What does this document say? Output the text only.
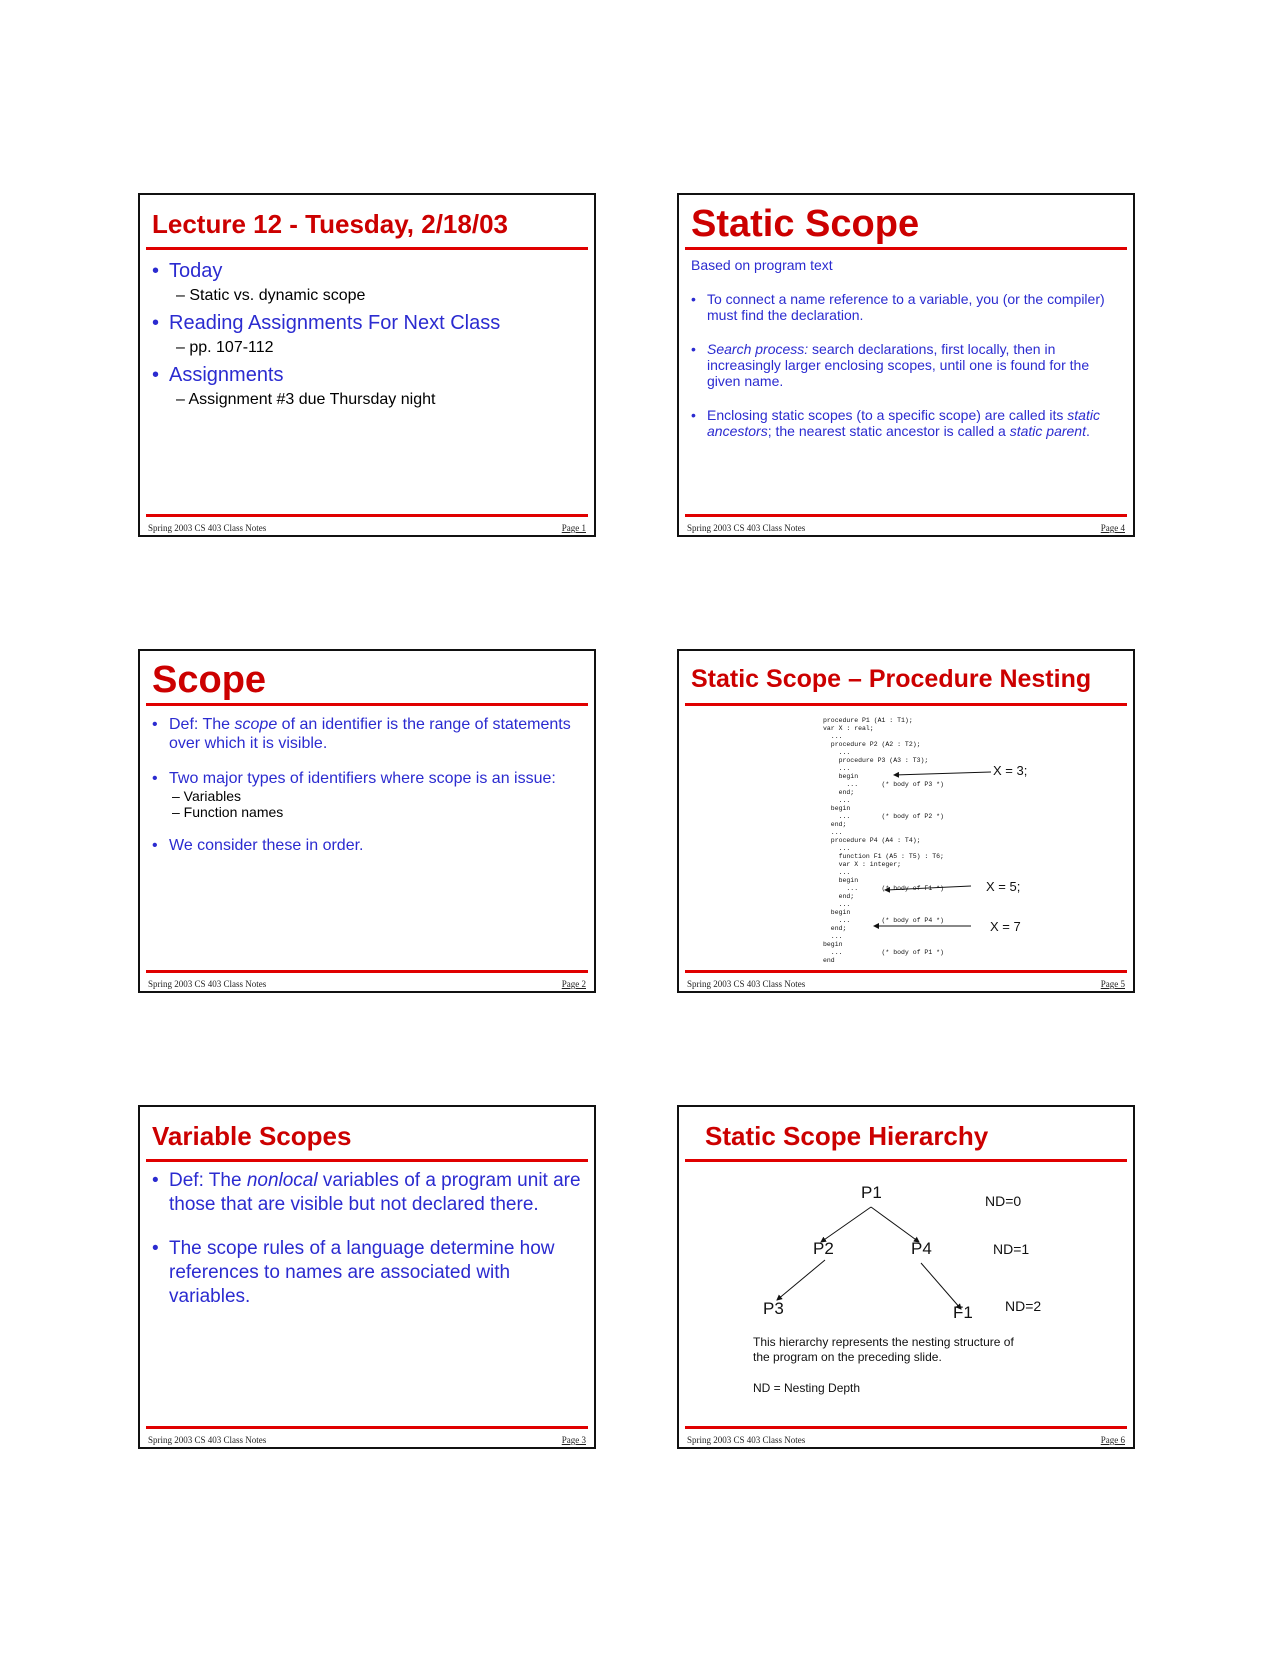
Lecture 12 - Tuesday, 2/18/03
• Today
– Static vs. dynamic scope
• Reading Assignments For Next Class
– pp. 107-112
• Assignments
– Assignment #3 due Thursday night
Spring 2003 CS 403 Class Notes	Page 1
Static Scope
Based on program text
• To connect a name reference to a variable, you (or the compiler) must find the declaration.
• Search process: search declarations, first locally, then in increasingly larger enclosing scopes, until one is found for the given name.
• Enclosing static scopes (to a specific scope) are called its static ancestors; the nearest static ancestor is called a static parent.
Spring 2003 CS 403 Class Notes	Page 4
Scope
• Def: The scope of an identifier is the range of statements over which it is visible.
• Two major types of identifiers where scope is an issue:
– Variables
– Function names
• We consider these in order.
Spring 2003 CS 403 Class Notes	Page 2
Static Scope – Procedure Nesting
procedure P1 (A1 : T1);
var X : real;
...
procedure P2 (A2 : T2);
...
procedure P3 (A3 : T3);
...
begin
...      (* body of P3 *)
end;
...
begin
...        (* body of P2 *)
end;
...
procedure P4 (A4 : T4);
...
function F1 (A5 : T5) : T6;
var X : integer;
...
begin
...      (* body  F1 *)
end;
...
begin
...        (* body of P4 *)
end;
...
begin
...          (* body of P1 *)
end
X = 3;
X = 5;
X = 7
Spring 2003 CS 403 Class Notes	Page 5
Variable Scopes
• Def: The nonlocal variables of a program unit are those that are visible but not declared there.
• The scope rules of a language determine how references to names are associated with variables.
Spring 2003 CS 403 Class Notes	Page 3
Static Scope Hierarchy
P1
P2	P4
P3	F1
ND=0
ND=1
ND=2
This hierarchy represents the nesting structure of the program on the preceding slide.
ND = Nesting Depth
Spring 2003 CS 403 Class Notes	Page 6
